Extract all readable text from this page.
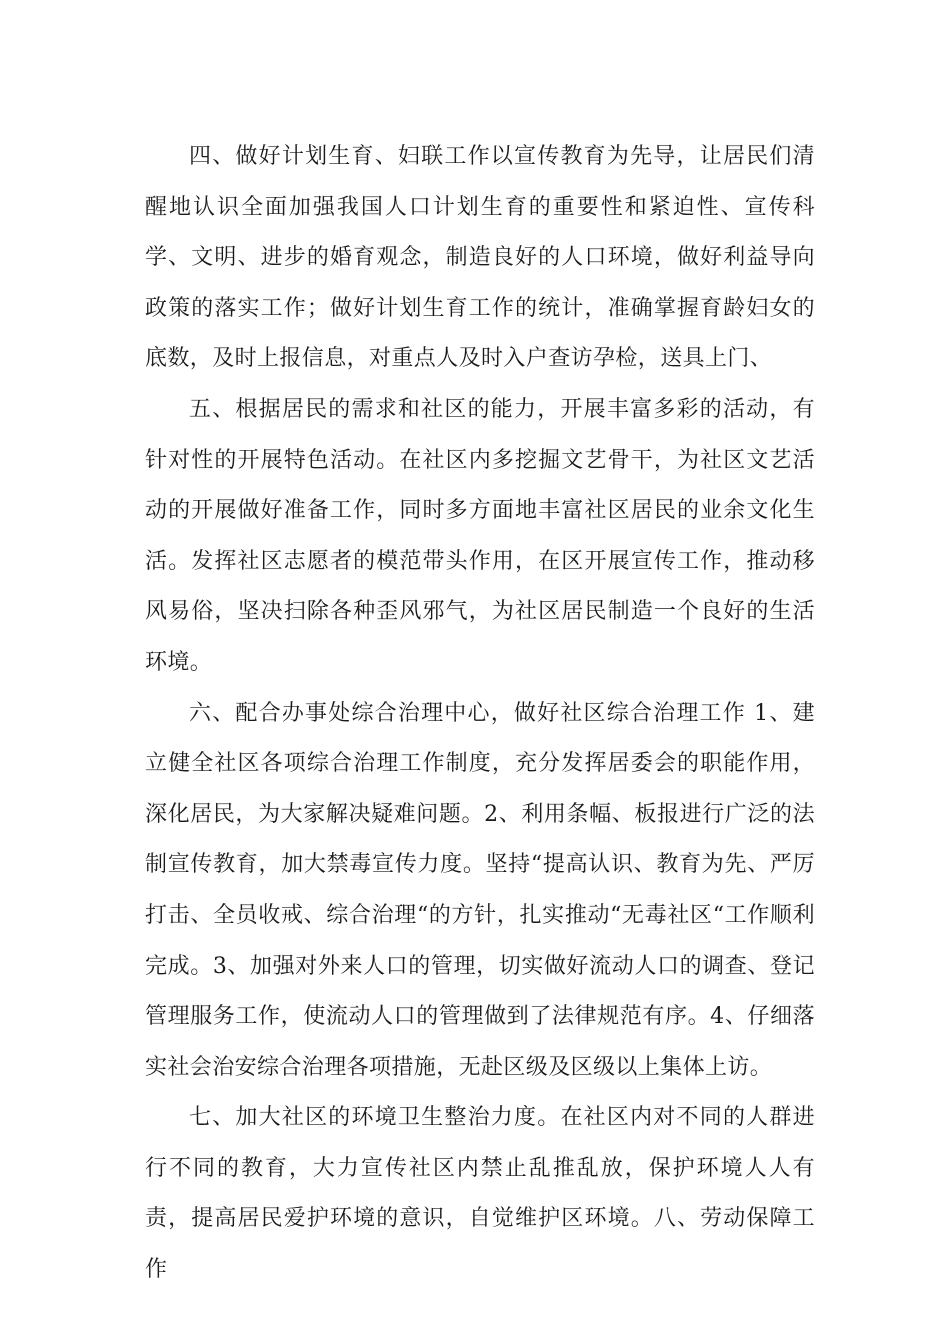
四、做好计划生育、妇联工作以宣传教育为先导，让居民们清醒地认识全面加强我国人口计划生育的重要性和紧迫性、宣传科学、文明、进步的婚育观念，制造良好的人口环境，做好利益导向政策的落实工作；做好计划生育工作的统计，准确掌握育龄妇女的底数，及时上报信息，对重点人及时入户查访孕检，送具上门、

五、根据居民的需求和社区的能力，开展丰富多彩的活动，有针对性的开展特色活动。在社区内多挖掘文艺骨干，为社区文艺活动的开展做好准备工作，同时多方面地丰富社区居民的业余文化生活。发挥社区志愿者的模范带头作用，在区开展宣传工作，推动移风易俗，坚决扫除各种歪风邪气，为社区居民制造一个良好的生活环境。

六、配合办事处综合治理中心，做好社区综合治理工作 1、建立健全社区各项综合治理工作制度，充分发挥居委会的职能作用，深化居民，为大家解决疑难问题。2、利用条幅、板报进行广泛的法制宣传教育，加大禁毒宣传力度。坚持“提高认识、教育为先、严厉打击、全员收戒、综合治理“的方针，扎实推动“无毒社区“工作顺利完成。3、加强对外来人口的管理，切实做好流动人口的调查、登记管理服务工作，使流动人口的管理做到了法律规范有序。4、仔细落实社会治安综合治理各项措施，无赴区级及区级以上集体上访。

七、加大社区的环境卫生整治力度。在社区内对不同的人群进行不同的教育，大力宣传社区内禁止乱推乱放，保护环境人人有责，提高居民爱护环境的意识，自觉维护区环境。八、劳动保障工作
